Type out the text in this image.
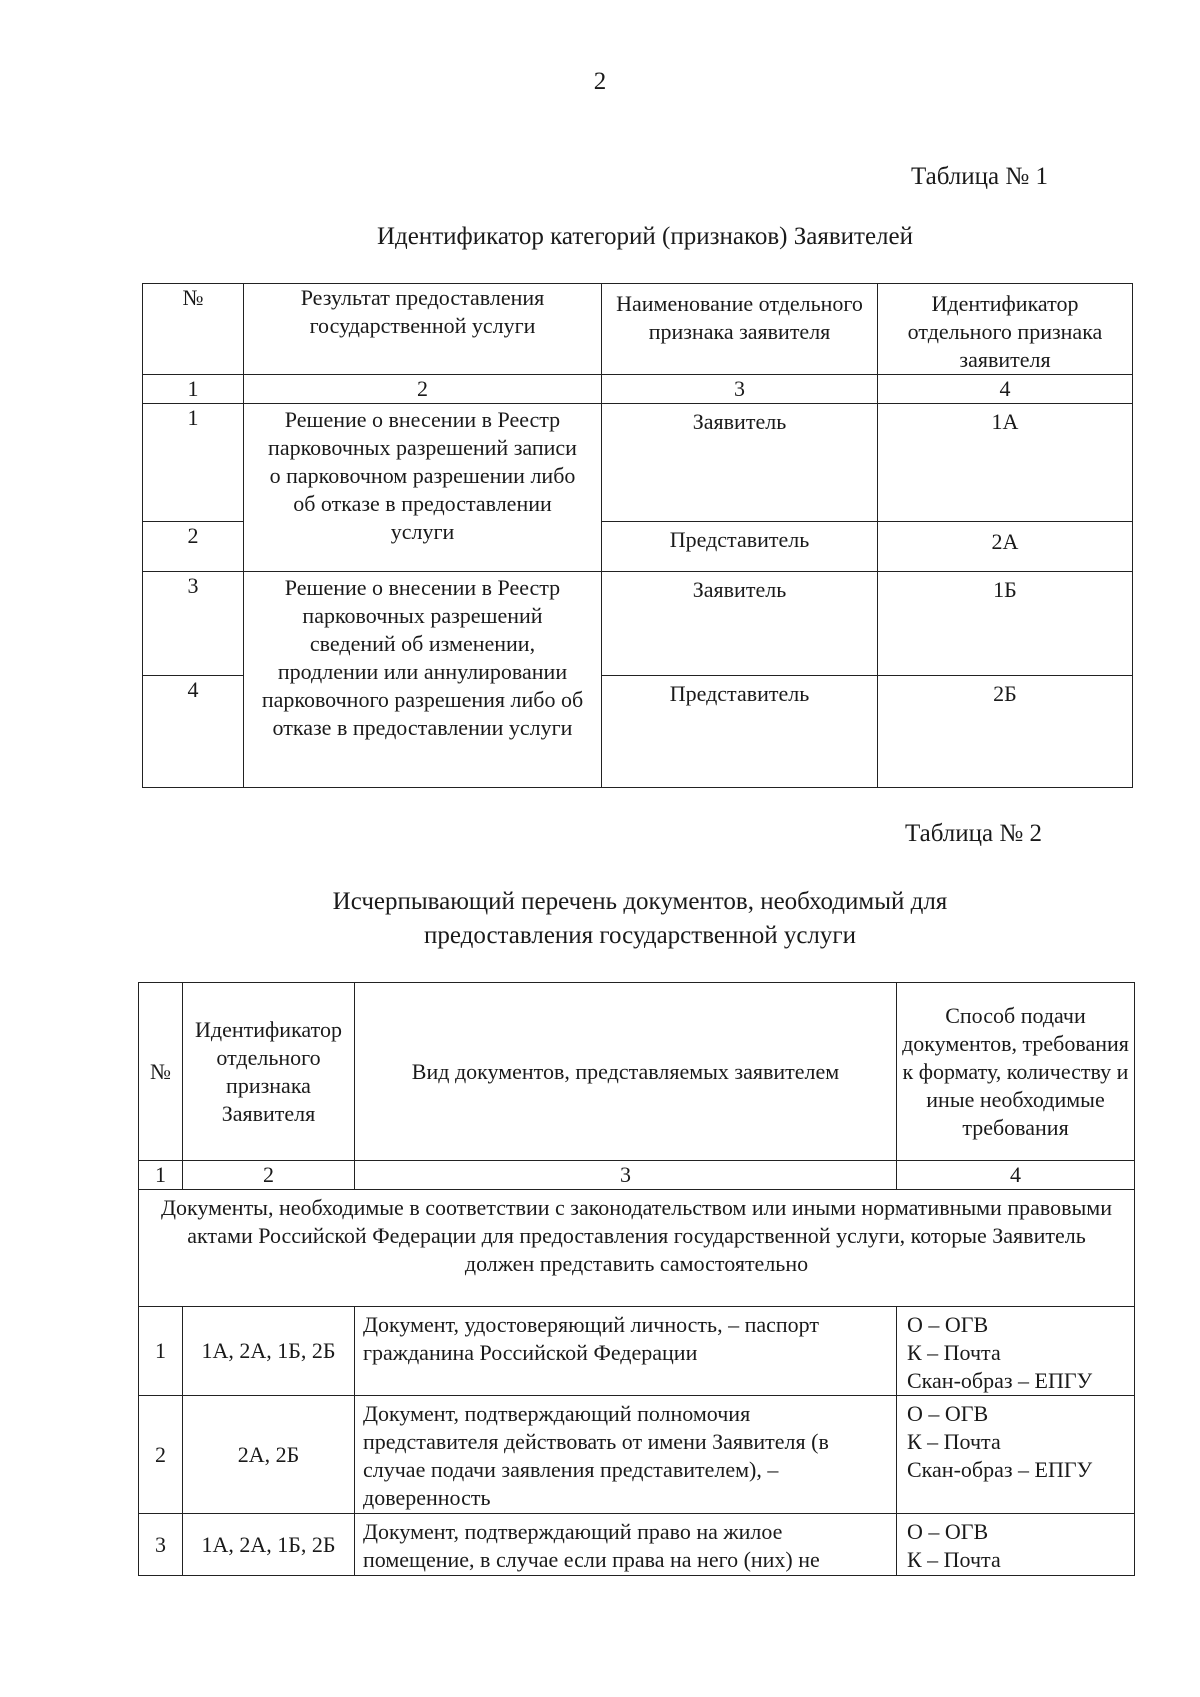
2
Таблица № 1
Идентификатор категорий (признаков) Заявителей
№	Результат предоставления государственной услуги	Наименование отдельного признака заявителя	Идентификатор отдельного признака заявителя
1	2	3	4
1	Решение о внесении в Реестр парковочных разрешений записи о парковочном разрешении либо об отказе в предоставлении услуги	Заявитель	1А
2		Представитель	2А
3	Решение о внесении в Реестр парковочных разрешений сведений об изменении, продлении или аннулировании парковочного разрешения либо об отказе в предоставлении услуги	Заявитель	1Б
4		Представитель	2Б
Таблица № 2
Исчерпывающий перечень документов, необходимый для
предоставления государственной услуги
№	Идентификатор отдельного признака Заявителя	Вид документов, представляемых заявителем	Способ подачи документов, требования к формату, количеству и иные необходимые требования
1	2	3	4
Документы, необходимые в соответствии с законодательством или иными нормативными правовыми актами Российской Федерации для предоставления государственной услуги, которые Заявитель должен представить самостоятельно			
1	1А, 2А, 1Б, 2Б	Документ, удостоверяющий личность, – паспорт гражданина Российской Федерации	О – ОГВ
К – Почта
Скан-образ – ЕПГУ

2	2А, 2Б	Документ, подтверждающий полномочия представителя действовать от имени Заявителя (в случае подачи заявления представителем), – доверенность	О – ОГВ
К – Почта
Скан-образ – ЕПГУ

3	1А, 2А, 1Б, 2Б	Документ, подтверждающий право на жилое помещение, в случае если права на него (них) не	О – ОГВ
К – Почта
